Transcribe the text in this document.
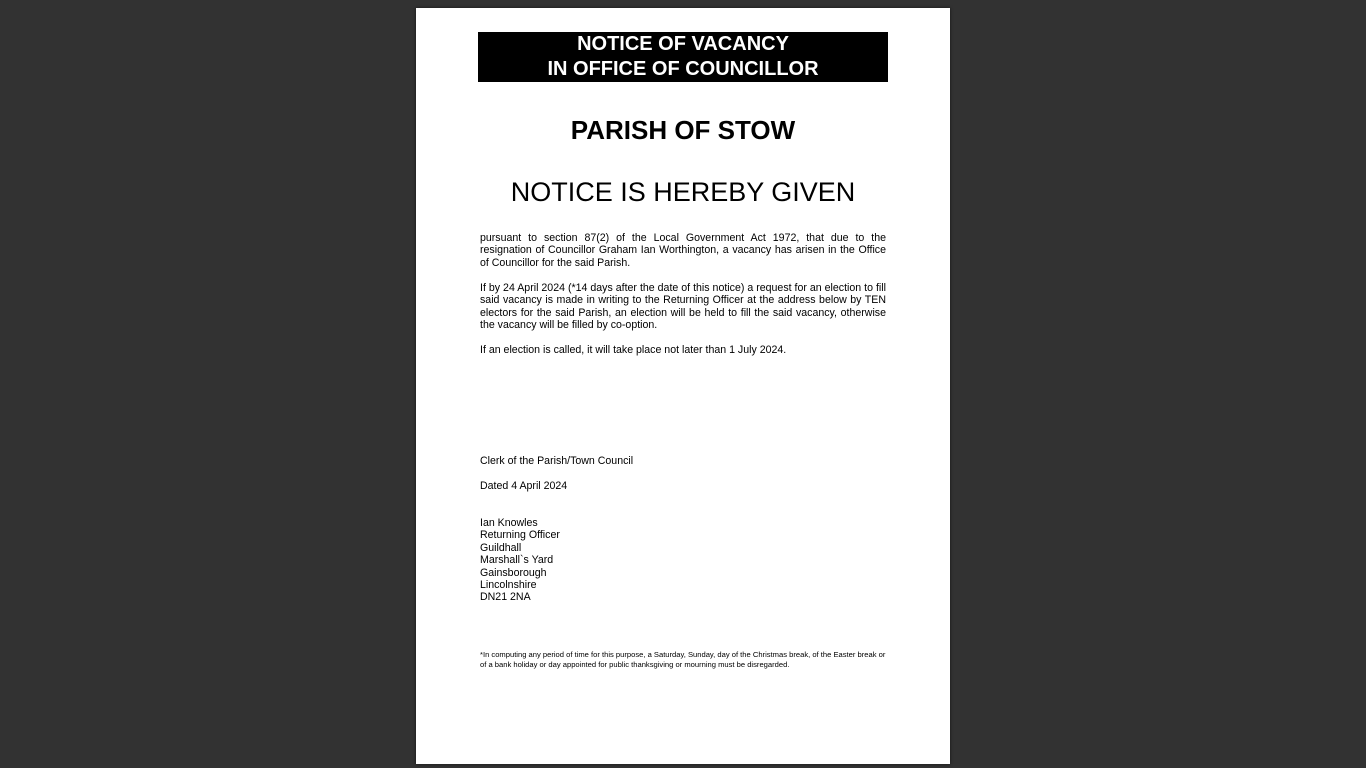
NOTICE OF VACANCY
IN OFFICE OF COUNCILLOR
PARISH OF STOW
NOTICE IS HEREBY GIVEN

pursuant to section 87(2) of the Local Government Act 1972, that due to the resignation of Councillor Graham Ian Worthington, a vacancy has arisen in the Office of Councillor for the said Parish.

If by 24 April 2024 (*14 days after the date of this notice) a request for an election to fill said vacancy is made in writing to the Returning Officer at the address below by TEN electors for the said Parish, an election will be held to fill the said vacancy, otherwise the vacancy will be filled by co-option.

If an election is called, it will take place not later than 1 July 2024.

Clerk of the Parish/Town Council

Dated 4 April 2024

Ian Knowles
Returning Officer
Guildhall
Marshall`s Yard
Gainsborough
Lincolnshire
DN21 2NA

*In computing any period of time for this purpose, a Saturday, Sunday, day of the Christmas break, of the Easter break or of a bank holiday or day appointed for public thanksgiving or mourning must be disregarded.
